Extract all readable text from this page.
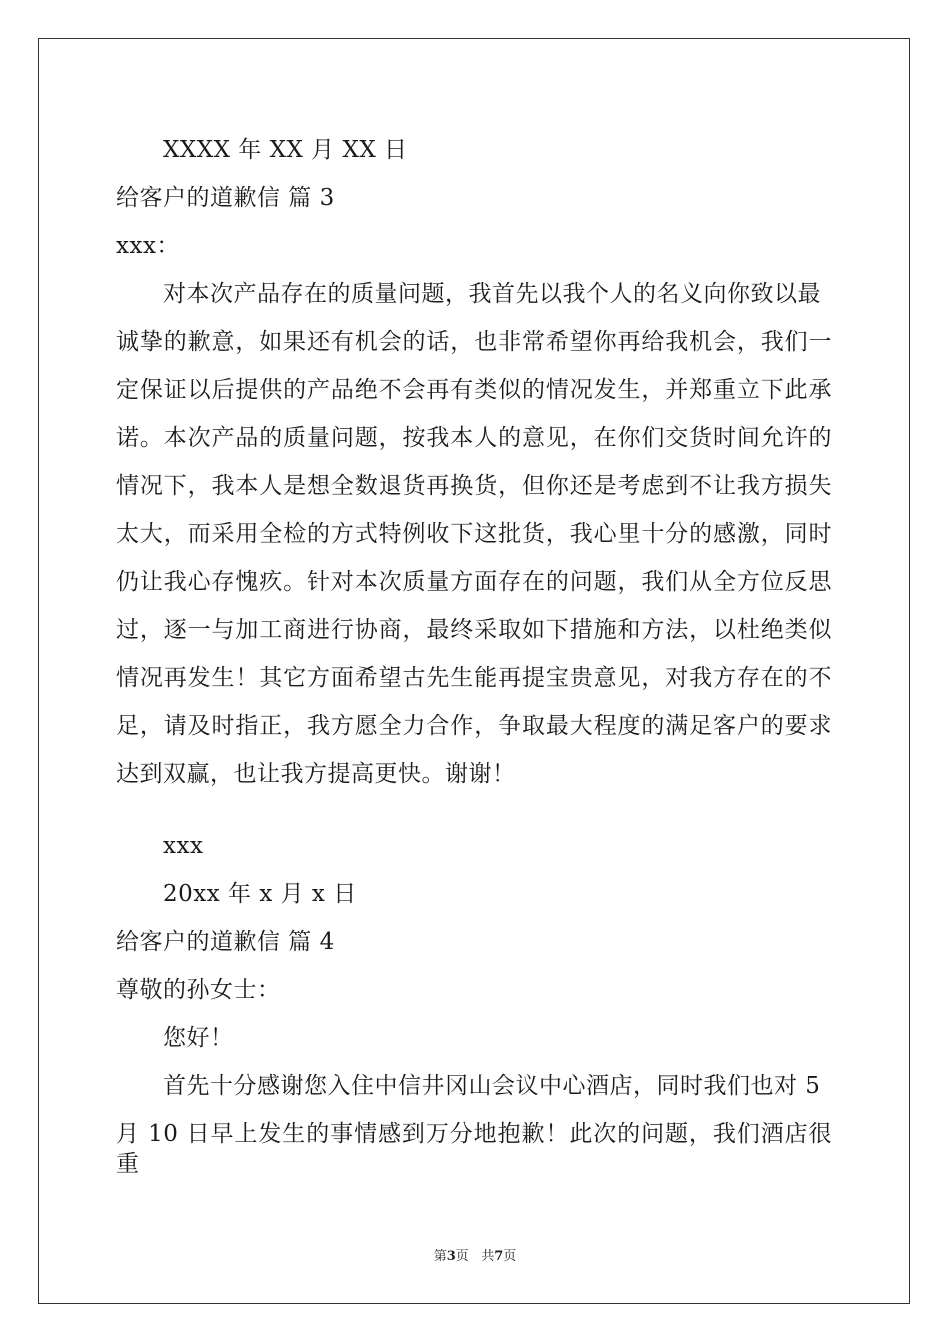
XXXX 年 XX 月 XX 日
给客户的道歉信 篇 3
xxx：
对本次产品存在的质量问题，我首先以我个人的名义向你致以最
诚挚的歉意，如果还有机会的话，也非常希望你再给我机会，我们一
定保证以后提供的产品绝不会再有类似的情况发生，并郑重立下此承
诺。本次产品的质量问题，按我本人的意见，在你们交货时间允许的
情况下，我本人是想全数退货再换货，但你还是考虑到不让我方损失
太大，而采用全检的方式特例收下这批货，我心里十分的感激，同时
仍让我心存愧疚。针对本次质量方面存在的问题，我们从全方位反思
过，逐一与加工商进行协商，最终采取如下措施和方法，以杜绝类似
情况再发生！其它方面希望古先生能再提宝贵意见，对我方存在的不
足，请及时指正，我方愿全力合作，争取最大程度的满足客户的要求
达到双赢，也让我方提高更快。谢谢！
xxx
20xx 年 x 月 x 日
给客户的道歉信 篇 4
尊敬的孙女士：
您好！
首先十分感谢您入住中信井冈山会议中心酒店，同时我们也对 5
月 10 日早上发生的事情感到万分地抱歉！此次的问题，我们酒店很重
第3页 共7页
